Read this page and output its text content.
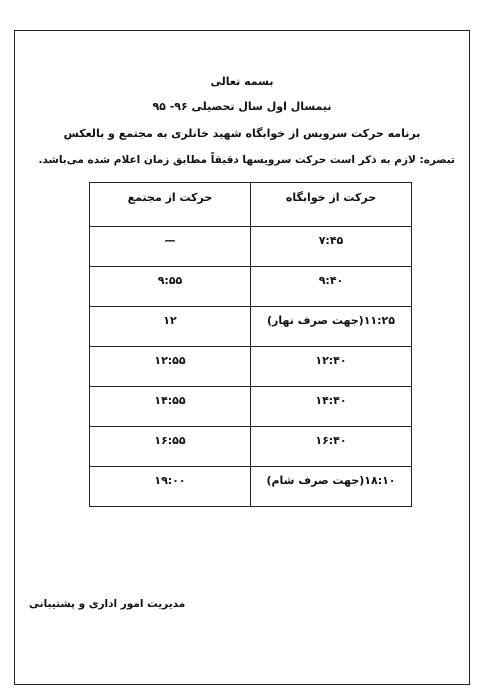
بسمه تعالی
نیمسال اول سال تحصیلی ۹۶- ۹۵
برنامه حرکت سرویس از خوابگاه شهید خانلری به مجتمع و بالعکس
تبصره: لازم به ذکر است حرکت سرویسها دقیقاً مطابق زمان اعلام شده می‌باشد.
حرکت از مجتمع	حرکت از خوابگاه
—	۷:۴۵
۹:۵۵	۹:۴۰
۱۲	۱۱:۲۵(جهت صرف نهار)
۱۲:۵۵	۱۲:۴۰
۱۴:۵۵	۱۴:۴۰
۱۶:۵۵	۱۶:۴۰
۱۹:۰۰	۱۸:۱۰(جهت صرف شام)
مدیریت امور اداری و پشتیبانی
